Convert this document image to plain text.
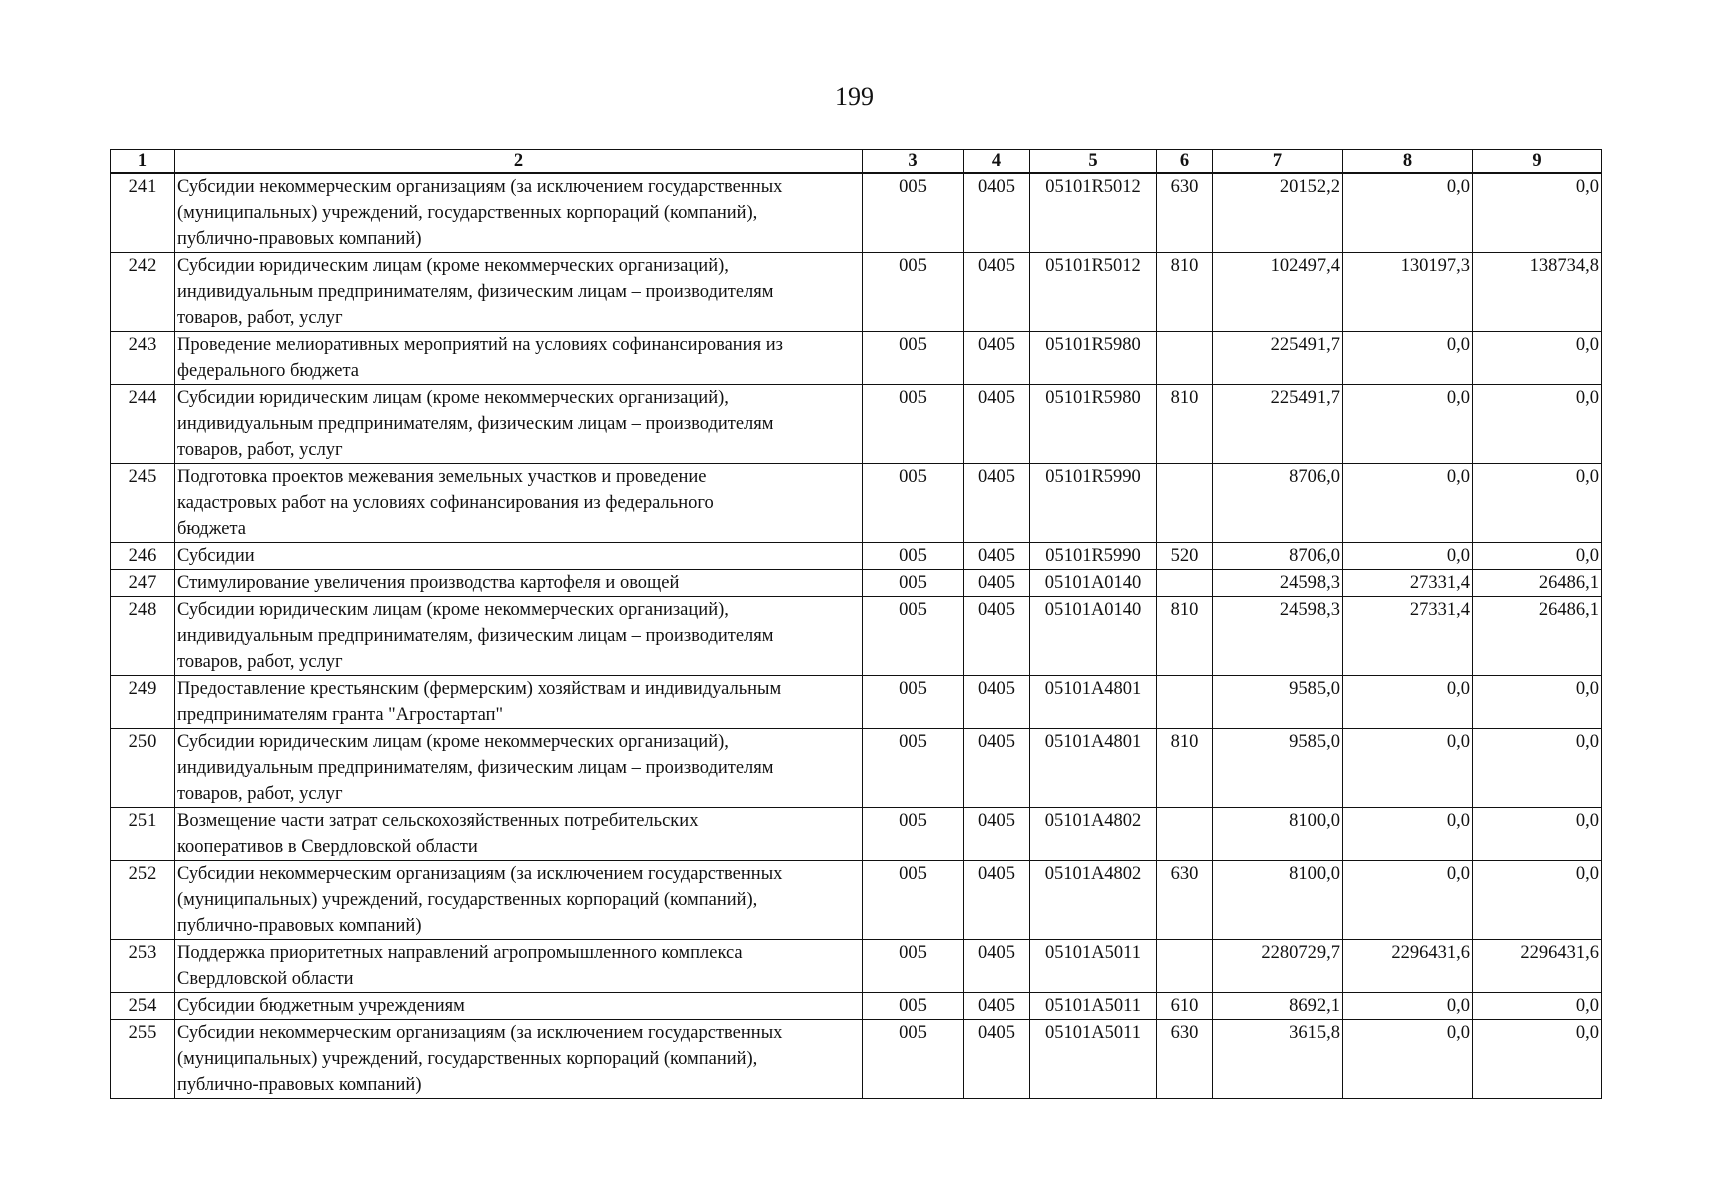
199
1	2	3	4	5	6	7	8	9
241	Субсидии некоммерческим организациям (за исключением государственных
(муниципальных) учреждений, государственных корпораций (компаний),
публично-правовых компаний)	005	0405	05101R5012	630	20152,2	0,0	0,0
242	Субсидии юридическим лицам (кроме некоммерческих организаций),
индивидуальным предпринимателям, физическим лицам – производителям
товаров, работ, услуг	005	0405	05101R5012	810	102497,4	130197,3	138734,8
243	Проведение мелиоративных мероприятий на условиях софинансирования из
федерального бюджета	005	0405	05101R5980		225491,7	0,0	0,0
244	Субсидии юридическим лицам (кроме некоммерческих организаций),
индивидуальным предпринимателям, физическим лицам – производителям
товаров, работ, услуг	005	0405	05101R5980	810	225491,7	0,0	0,0
245	Подготовка проектов межевания земельных участков и проведение
кадастровых работ на условиях софинансирования из федерального
бюджета	005	0405	05101R5990		8706,0	0,0	0,0
246	Субсидии	005	0405	05101R5990	520	8706,0	0,0	0,0
247	Стимулирование увеличения производства картофеля и овощей	005	0405	05101А0140		24598,3	27331,4	26486,1
248	Субсидии юридическим лицам (кроме некоммерческих организаций),
индивидуальным предпринимателям, физическим лицам – производителям
товаров, работ, услуг	005	0405	05101А0140	810	24598,3	27331,4	26486,1
249	Предоставление крестьянским (фермерским) хозяйствам и индивидуальным
предпринимателям гранта "Агростартап"	005	0405	05101А4801		9585,0	0,0	0,0
250	Субсидии юридическим лицам (кроме некоммерческих организаций),
индивидуальным предпринимателям, физическим лицам – производителям
товаров, работ, услуг	005	0405	05101А4801	810	9585,0	0,0	0,0
251	Возмещение части затрат сельскохозяйственных потребительских
кооперативов в Свердловской области	005	0405	05101А4802		8100,0	0,0	0,0
252	Субсидии некоммерческим организациям (за исключением государственных
(муниципальных) учреждений, государственных корпораций (компаний),
публично-правовых компаний)	005	0405	05101А4802	630	8100,0	0,0	0,0
253	Поддержка приоритетных направлений агропромышленного комплекса
Свердловской области	005	0405	05101А5011		2280729,7	2296431,6	2296431,6
254	Субсидии бюджетным учреждениям	005	0405	05101А5011	610	8692,1	0,0	0,0
255	Субсидии некоммерческим организациям (за исключением государственных
(муниципальных) учреждений, государственных корпораций (компаний),
публично-правовых компаний)	005	0405	05101А5011	630	3615,8	0,0	0,0
